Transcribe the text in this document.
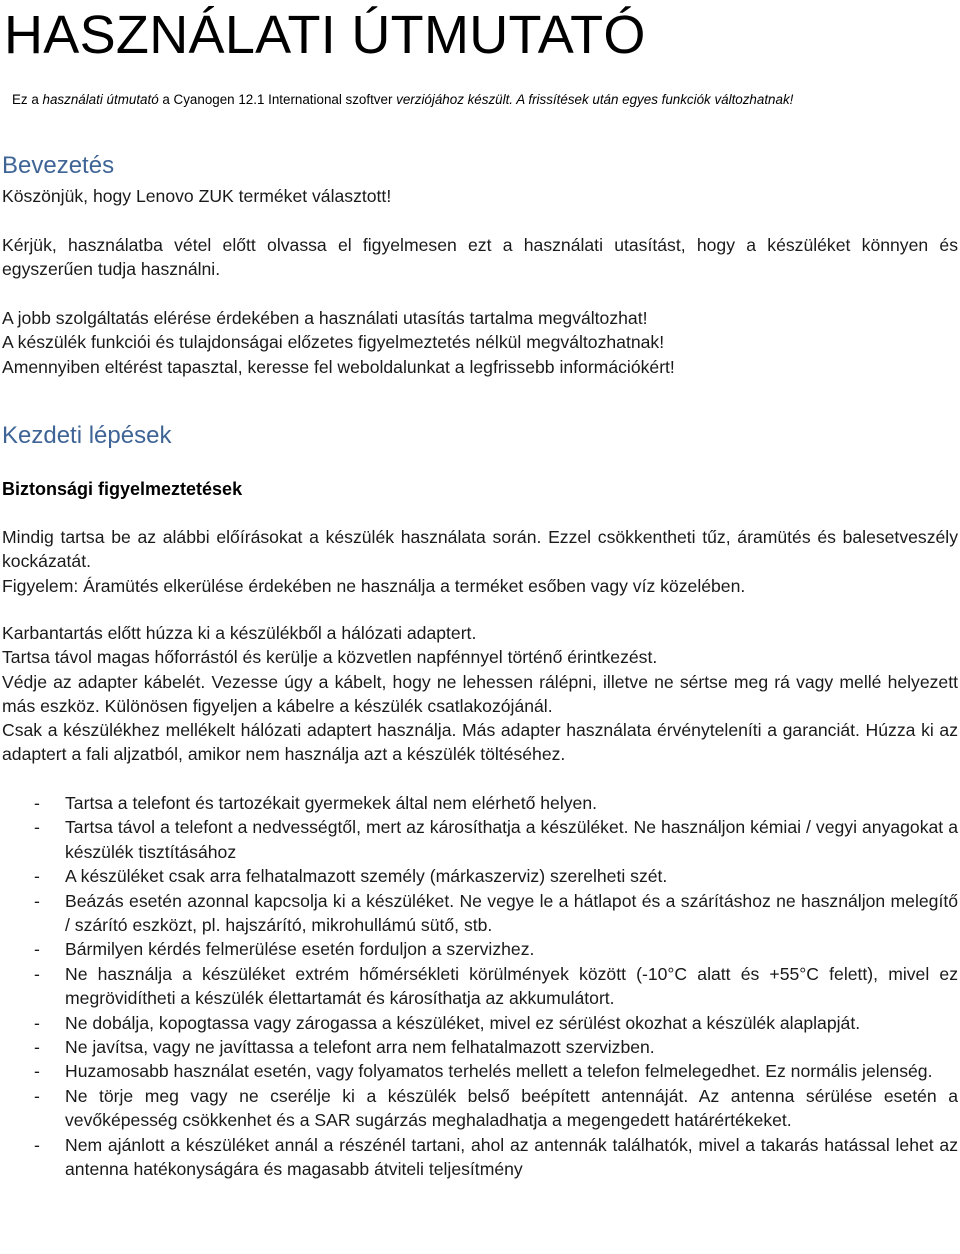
HASZNÁLATI ÚTMUTATÓ

Ez a használati útmutató a Cyanogen 12.1 International szoftver verziójához készült. A frissítések után egyes funkciók változhatnak!

Bevezetés

Köszönjük, hogy Lenovo ZUK terméket választott!

Kérjük, használatba vétel előtt olvassa el figyelmesen ezt a használati utasítást, hogy a készüléket könnyen és egyszerűen tudja használni.

A jobb szolgáltatás elérése érdekében a használati utasítás tartalma megváltozhat!

A készülék funkciói és tulajdonságai előzetes figyelmeztetés nélkül megváltozhatnak!

Amennyiben eltérést tapasztal, keresse fel weboldalunkat a legfrissebb információkért!

Kezdeti lépések
Biztonsági figyelmeztetések

Mindig tartsa be az alábbi előírásokat a készülék használata során. Ezzel csökkentheti tűz, áramütés és balesetveszély kockázatát.

Figyelem: Áramütés elkerülése érdekében ne használja a terméket esőben vagy víz közelében.

Karbantartás előtt húzza ki a készülékből a hálózati adaptert.

Tartsa távol magas hőforrástól és kerülje a közvetlen napfénnyel történő érintkezést.

Védje az adapter kábelét. Vezesse úgy a kábelt, hogy ne lehessen rálépni, illetve ne sértse meg rá vagy mellé helyezett más eszköz. Különösen figyeljen a kábelre a készülék csatlakozójánál.

Csak a készülékhez mellékelt hálózati adaptert használja. Más adapter használata érvényteleníti a garanciát. Húzza ki az adaptert a fali aljzatból, amikor nem használja azt a készülék töltéséhez.

- Tartsa a telefont és tartozékait gyermekek által nem elérhető helyen.
- Tartsa távol a telefont a nedvességtől, mert az károsíthatja a készüléket. Ne használjon kémiai / vegyi anyagokat a készülék tisztításához
- A készüléket csak arra felhatalmazott személy (márkaszerviz) szerelheti szét.
- Beázás esetén azonnal kapcsolja ki a készüléket. Ne vegye le a hátlapot és a szárításhoz ne használjon melegítő / szárító eszközt, pl. hajszárító, mikrohullámú sütő, stb.
- Bármilyen kérdés felmerülése esetén forduljon a szervizhez.
- Ne használja a készüléket extrém hőmérsékleti körülmények között (-10°C alatt és +55°C felett), mivel ez megrövidítheti a készülék élettartamát és károsíthatja az akkumulátort.
- Ne dobálja, kopogtassa vagy zárogassa a készüléket, mivel ez sérülést okozhat a készülék alaplapját.
- Ne javítsa, vagy ne javíttassa a telefont arra nem felhatalmazott szervizben.
- Huzamosabb használat esetén, vagy folyamatos terhelés mellett a telefon felmelegedhet. Ez normális jelenség.
- Ne törje meg vagy ne cserélje ki a készülék belső beépített antennáját. Az antenna sérülése esetén a vevőképesség csökkenhet és a SAR sugárzás meghaladhatja a megengedett határértékeket.
- Nem ajánlott a készüléket annál a részénél tartani, ahol az antennák találhatók, mivel a takarás hatással lehet az antenna hatékonyságára és magasabb átviteli teljesítmény
